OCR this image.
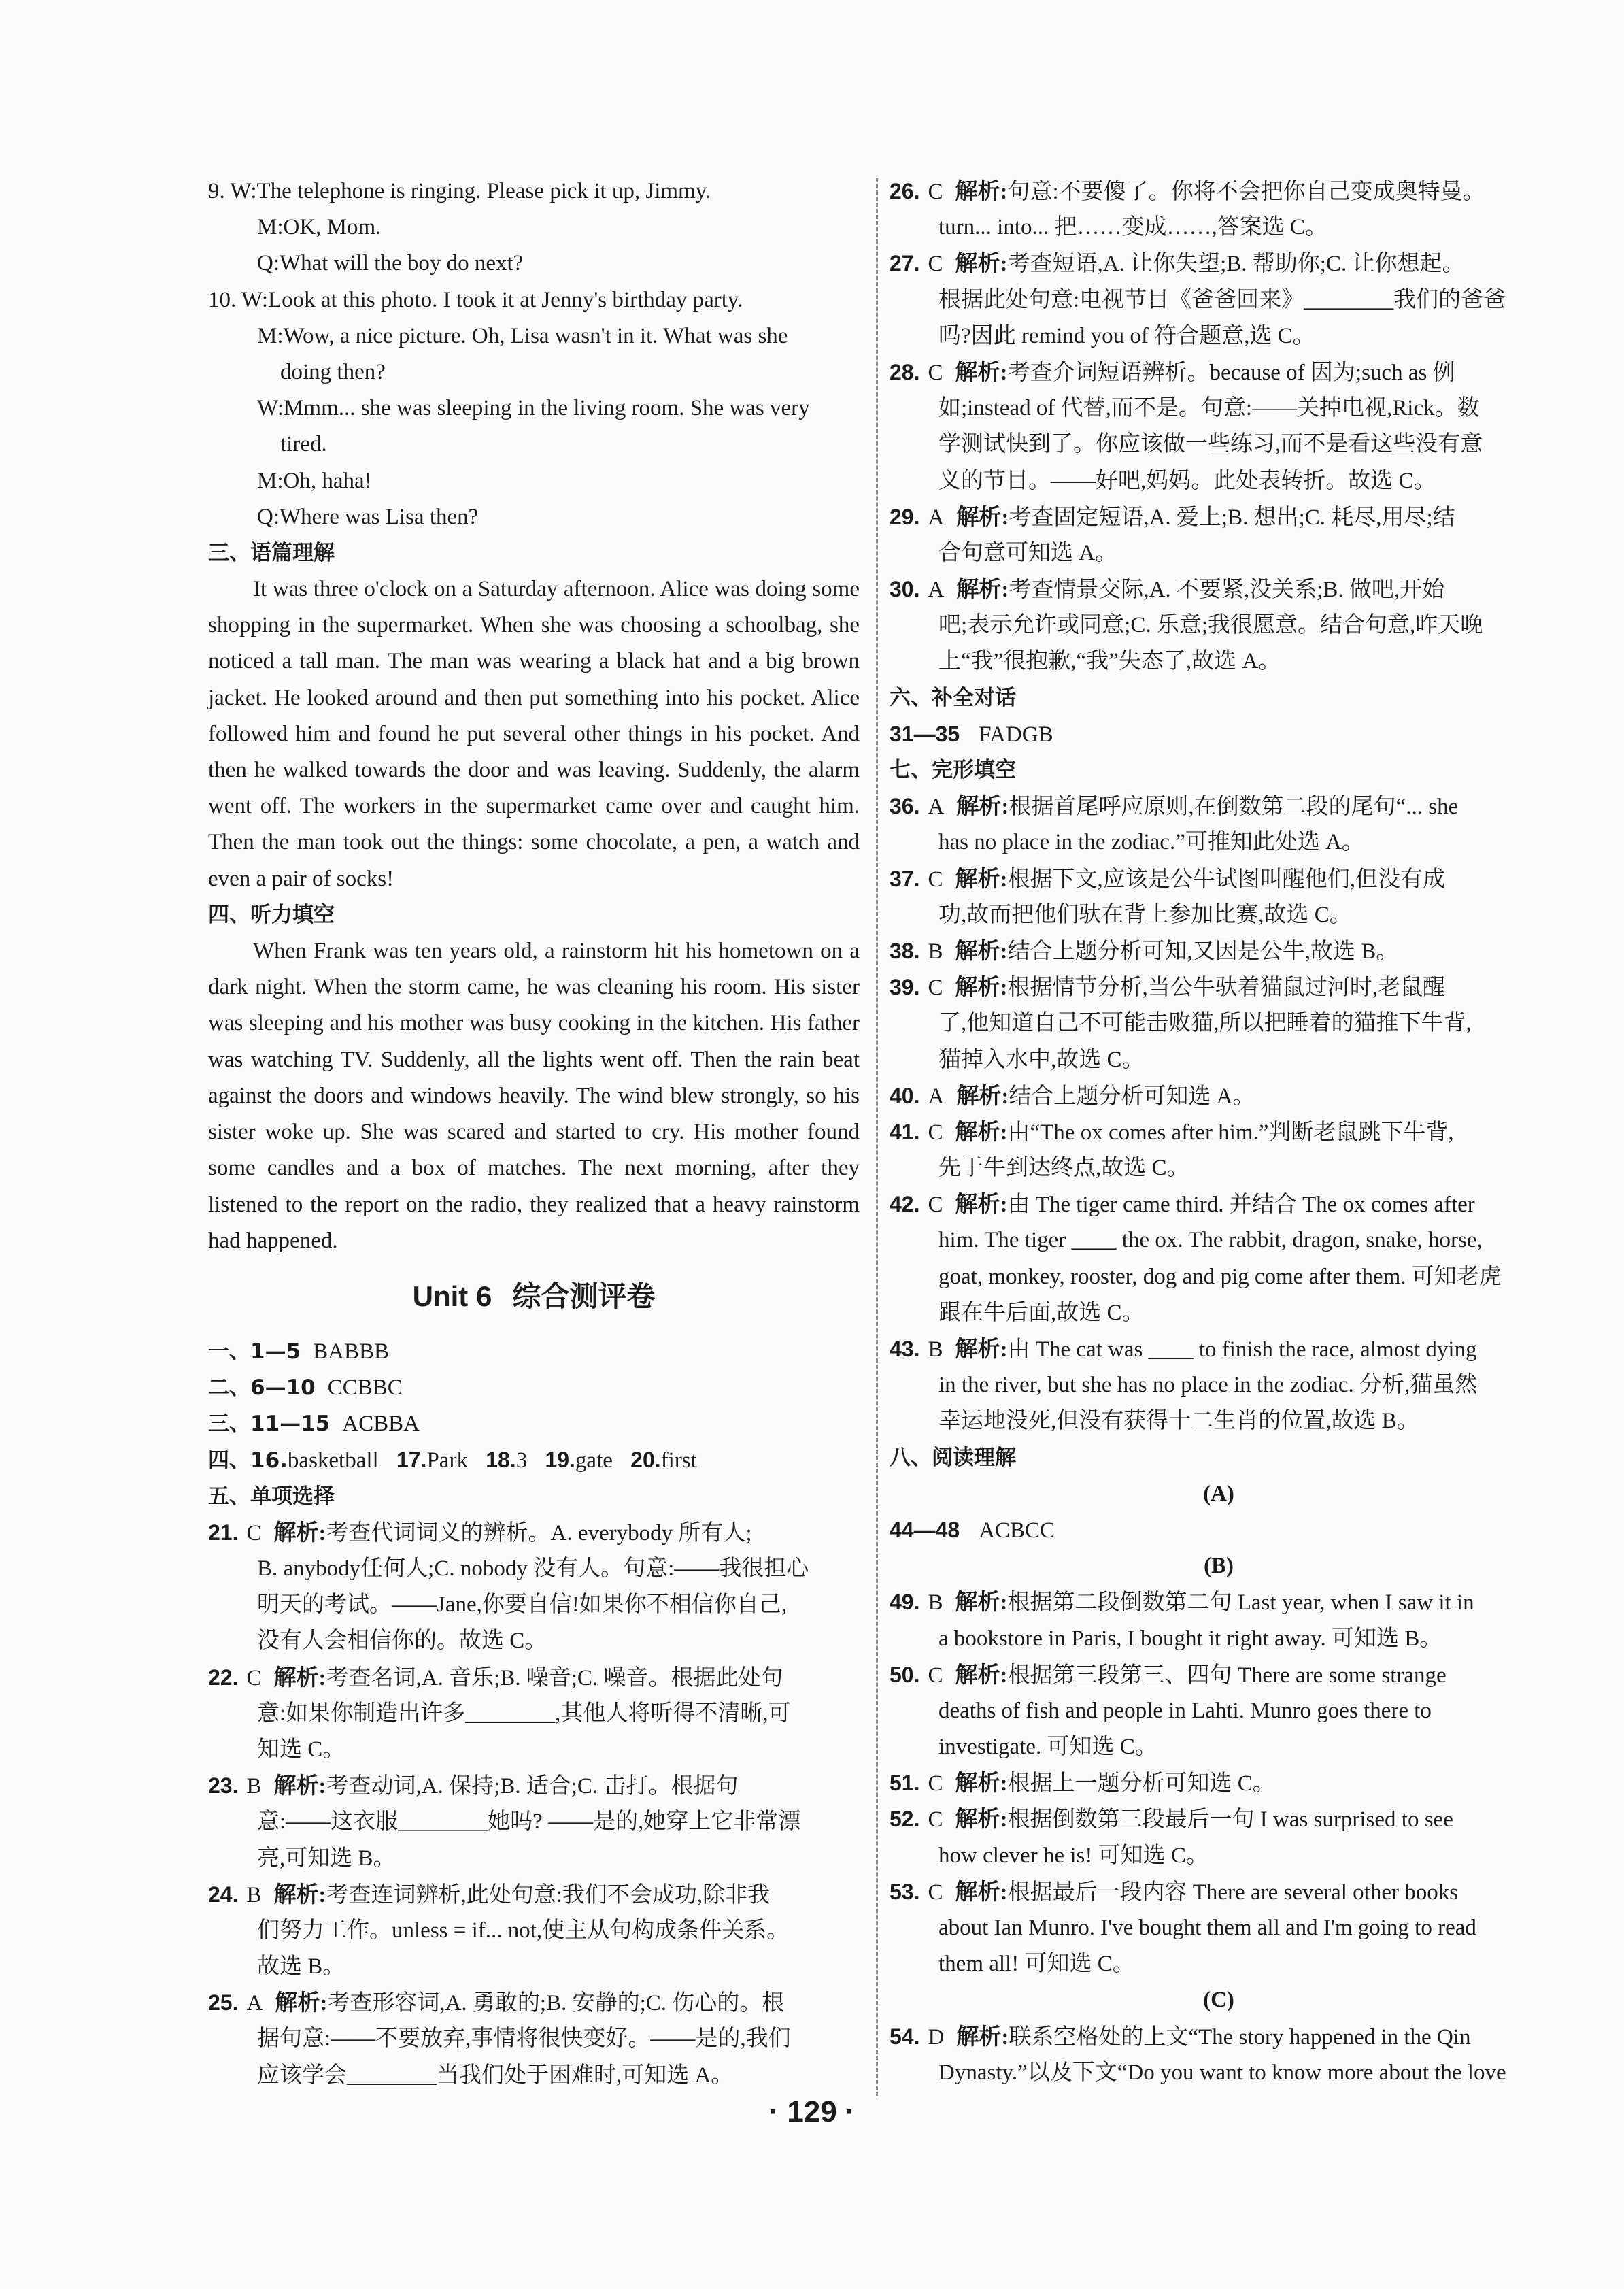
9. W:The telephone is ringing. Please pick it up, Jimmy.
M:OK, Mom.
Q:What will the boy do next?
10. W:Look at this photo. I took it at Jenny's birthday party.
M:Wow, a nice picture. Oh, Lisa wasn't in it. What was she
doing then?
W:Mmm... she was sleeping in the living room. She was very
tired.
M:Oh, haha!
Q:Where was Lisa then?
三、语篇理解

It was three o'clock on a Saturday afternoon. Alice was doing some shopping in the supermarket. When she was choosing a schoolbag, she noticed a tall man. The man was wearing a black hat and a big brown jacket. He looked around and then put something into his pocket. Alice followed him and found he put several other things in his pocket. And then he walked towards the door and was leaving. Suddenly, the alarm went off. The workers in the supermarket came over and caught him. Then the man took out the things: some chocolate, a pen, a watch and even a pair of socks!

四、听力填空

When Frank was ten years old, a rainstorm hit his hometown on a dark night. When the storm came, he was cleaning his room. His sister was sleeping and his mother was busy cooking in the kitchen. His father was watching TV. Suddenly, all the lights went off. Then the rain beat against the doors and windows heavily. The wind blew strongly, so his sister woke up. She was scared and started to cry. His mother found some candles and a box of matches. The next morning, after they listened to the report on the radio, they realized that a heavy rainstorm had happened.

Unit 6 综合测评卷
一、1—5 BABBB
二、6—10 CCBBC
三、11—15 ACBBA
四、16.basketball 17.Park 18.3 19.gate 20.first
五、单项选择
21. C 解析:考查代词词义的辨析。A. everybody 所有人;
B. anybody任何人;C. nobody 没有人。句意:——我很担心
明天的考试。——Jane,你要自信!如果你不相信你自己,
没有人会相信你的。故选 C。
22. C 解析:考查名词,A. 音乐;B. 噪音;C. 噪音。根据此处句
意:如果你制造出许多________,其他人将听得不清晰,可
知选 C。
23. B 解析:考查动词,A. 保持;B. 适合;C. 击打。根据句
意:——这衣服________她吗? ——是的,她穿上它非常漂
亮,可知选 B。
24. B 解析:考查连词辨析,此处句意:我们不会成功,除非我
们努力工作。unless = if... not,使主从句构成条件关系。
故选 B。
25. A 解析:考查形容词,A. 勇敢的;B. 安静的;C. 伤心的。根
据句意:——不要放弃,事情将很快变好。——是的,我们
应该学会________当我们处于困难时,可知选 A。
26. C 解析:句意:不要傻了。你将不会把你自己变成奥特曼。
turn... into... 把……变成……,答案选 C。
27. C 解析:考查短语,A. 让你失望;B. 帮助你;C. 让你想起。
根据此处句意:电视节目《爸爸回来》________我们的爸爸
吗?因此 remind you of 符合题意,选 C。
28. C 解析:考查介词短语辨析。because of 因为;such as 例
如;instead of 代替,而不是。句意:——关掉电视,Rick。数
学测试快到了。你应该做一些练习,而不是看这些没有意
义的节目。——好吧,妈妈。此处表转折。故选 C。
29. A 解析:考查固定短语,A. 爱上;B. 想出;C. 耗尽,用尽;结
合句意可知选 A。
30. A 解析:考查情景交际,A. 不要紧,没关系;B. 做吧,开始
吧;表示允许或同意;C. 乐意;我很愿意。结合句意,昨天晚
上“我”很抱歉,“我”失态了,故选 A。
六、补全对话
31—35 FADGB
七、完形填空
36. A 解析:根据首尾呼应原则,在倒数第二段的尾句“... she
has no place in the zodiac.”可推知此处选 A。
37. C 解析:根据下文,应该是公牛试图叫醒他们,但没有成
功,故而把他们驮在背上参加比赛,故选 C。
38. B 解析:结合上题分析可知,又因是公牛,故选 B。
39. C 解析:根据情节分析,当公牛驮着猫鼠过河时,老鼠醒
了,他知道自己不可能击败猫,所以把睡着的猫推下牛背,
猫掉入水中,故选 C。
40. A 解析:结合上题分析可知选 A。
41. C 解析:由“The ox comes after him.”判断老鼠跳下牛背,
先于牛到达终点,故选 C。
42. C 解析:由 The tiger came third. 并结合 The ox comes after
him. The tiger ____ the ox. The rabbit, dragon, snake, horse,
goat, monkey, rooster, dog and pig come after them. 可知老虎
跟在牛后面,故选 C。
43. B 解析:由 The cat was ____ to finish the race, almost dying
in the river, but she has no place in the zodiac. 分析,猫虽然
幸运地没死,但没有获得十二生肖的位置,故选 B。
八、阅读理解
(A)
44—48 ACBCC
(B)
49. B 解析:根据第二段倒数第二句 Last year, when I saw it in
a bookstore in Paris, I bought it right away. 可知选 B。
50. C 解析:根据第三段第三、四句 There are some strange
deaths of fish and people in Lahti. Munro goes there to
investigate. 可知选 C。
51. C 解析:根据上一题分析可知选 C。
52. C 解析:根据倒数第三段最后一句 I was surprised to see
how clever he is! 可知选 C。
53. C 解析:根据最后一段内容 There are several other books
about Ian Munro. I've bought them all and I'm going to read
them all! 可知选 C。
(C)
54. D 解析:联系空格处的上文“The story happened in the Qin
Dynasty.”以及下文“Do you want to know more about the love
· 129 ·
